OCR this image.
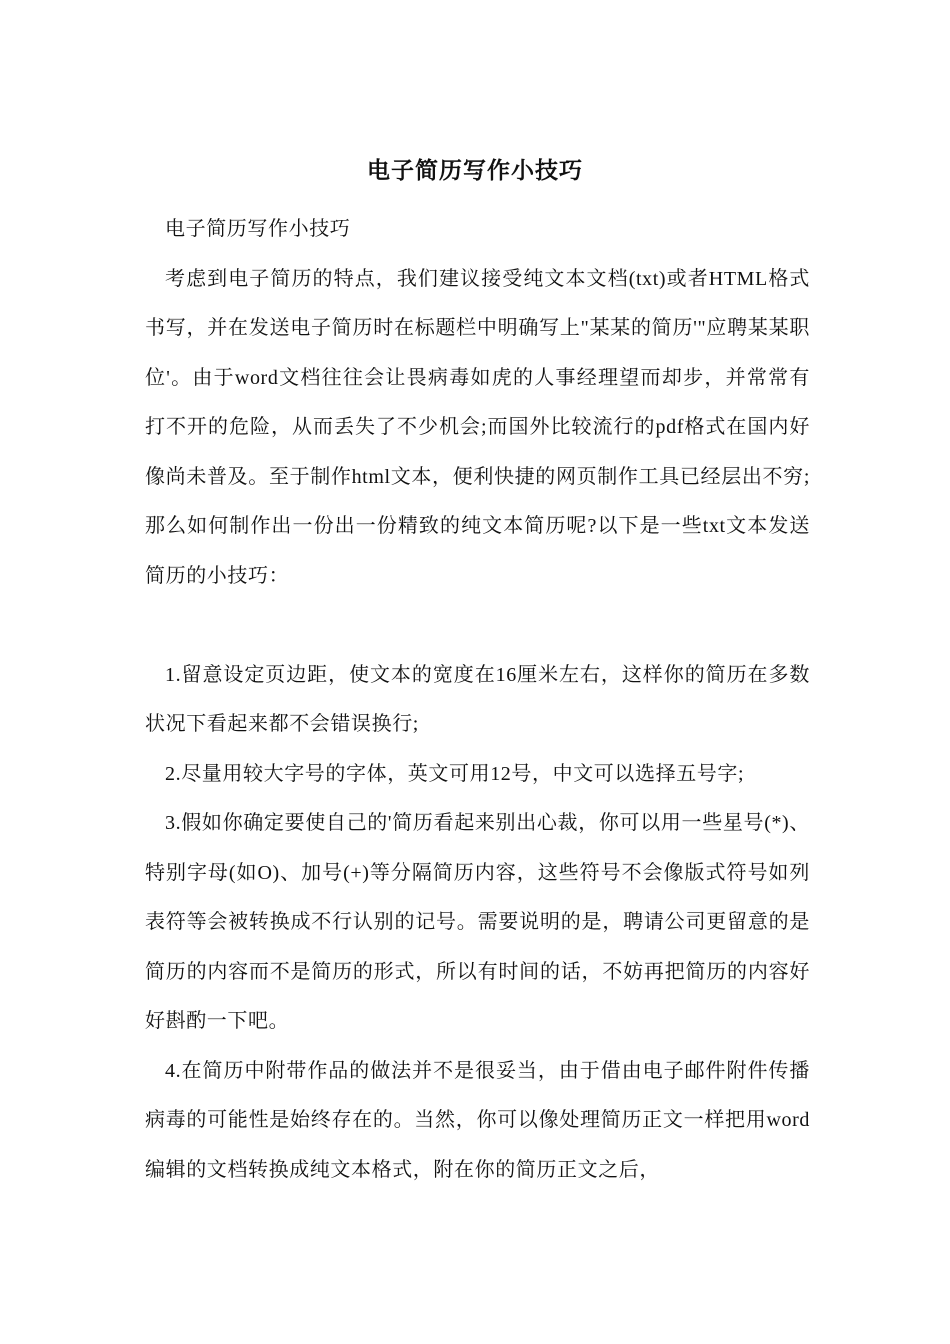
电子简历写作小技巧

电子简历写作小技巧

考虑到电子简历的特点，我们建议接受纯文本文档(txt)或者HTML格式书写，并在发送电子简历时在标题栏中明确写上"某某的简历'"应聘某某职位'。由于word文档往往会让畏病毒如虎的人事经理望而却步，并常常有打不开的危险，从而丢失了不少机会;而国外比较流行的pdf格式在国内好像尚未普及。至于制作html文本，便利快捷的网页制作工具已经层出不穷;那么如何制作出一份出一份精致的纯文本简历呢?以下是一些txt文本发送简历的小技巧：

1.留意设定页边距，使文本的宽度在16厘米左右，这样你的简历在多数状况下看起来都不会错误换行;

2.尽量用较大字号的字体，英文可用12号，中文可以选择五号字;

3.假如你确定要使自己的'简历看起来别出心裁，你可以用一些星号(*)、特别字母(如O)、加号(+)等分隔简历内容，这些符号不会像版式符号如列表符等会被转换成不行认别的记号。需要说明的是，聘请公司更留意的是简历的内容而不是简历的形式，所以有时间的话，不妨再把简历的内容好好斟酌一下吧。

4.在简历中附带作品的做法并不是很妥当，由于借由电子邮件附件传播病毒的可能性是始终存在的。当然，你可以像处理简历正文一样把用word编辑的文档转换成纯文本格式，附在你的简历正文之后，
